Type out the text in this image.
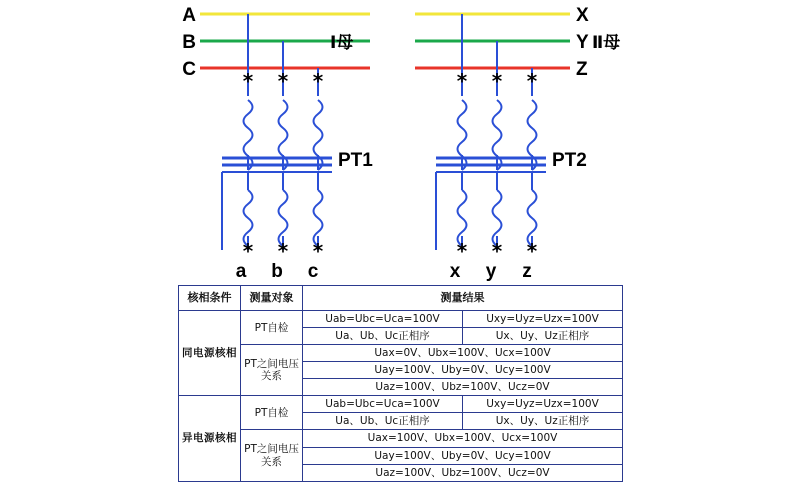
A
B
C
Ⅰ母
* * *
PT1
* * *
a b c
X
Y
Z
Ⅱ母
* * *
PT2
* * *
x y z
核相条件	测量对象	测量结果	
同电源核相	PT自检	Uab=Ubc=Uca=100V	Uxy=Uyz=Uzx=100V
		Ua、Ub、Uc正相序	Ux、Uy、Uz正相序
	PT之间电压关系	Uax=0V、Ubx=100V、Ucx=100V	
		Uay=100V、Uby=0V、Ucy=100V	
		Uaz=100V、Ubz=100V、Ucz=0V	
异电源核相	PT自检	Uab=Ubc=Uca=100V	Uxy=Uyz=Uzx=100V
		Ua、Ub、Uc正相序	Ux、Uy、Uz正相序
	PT之间电压关系	Uax=100V、Ubx=100V、Ucx=100V	
		Uay=100V、Uby=0V、Ucy=100V	
		Uaz=100V、Ubz=100V、Ucz=0V	
